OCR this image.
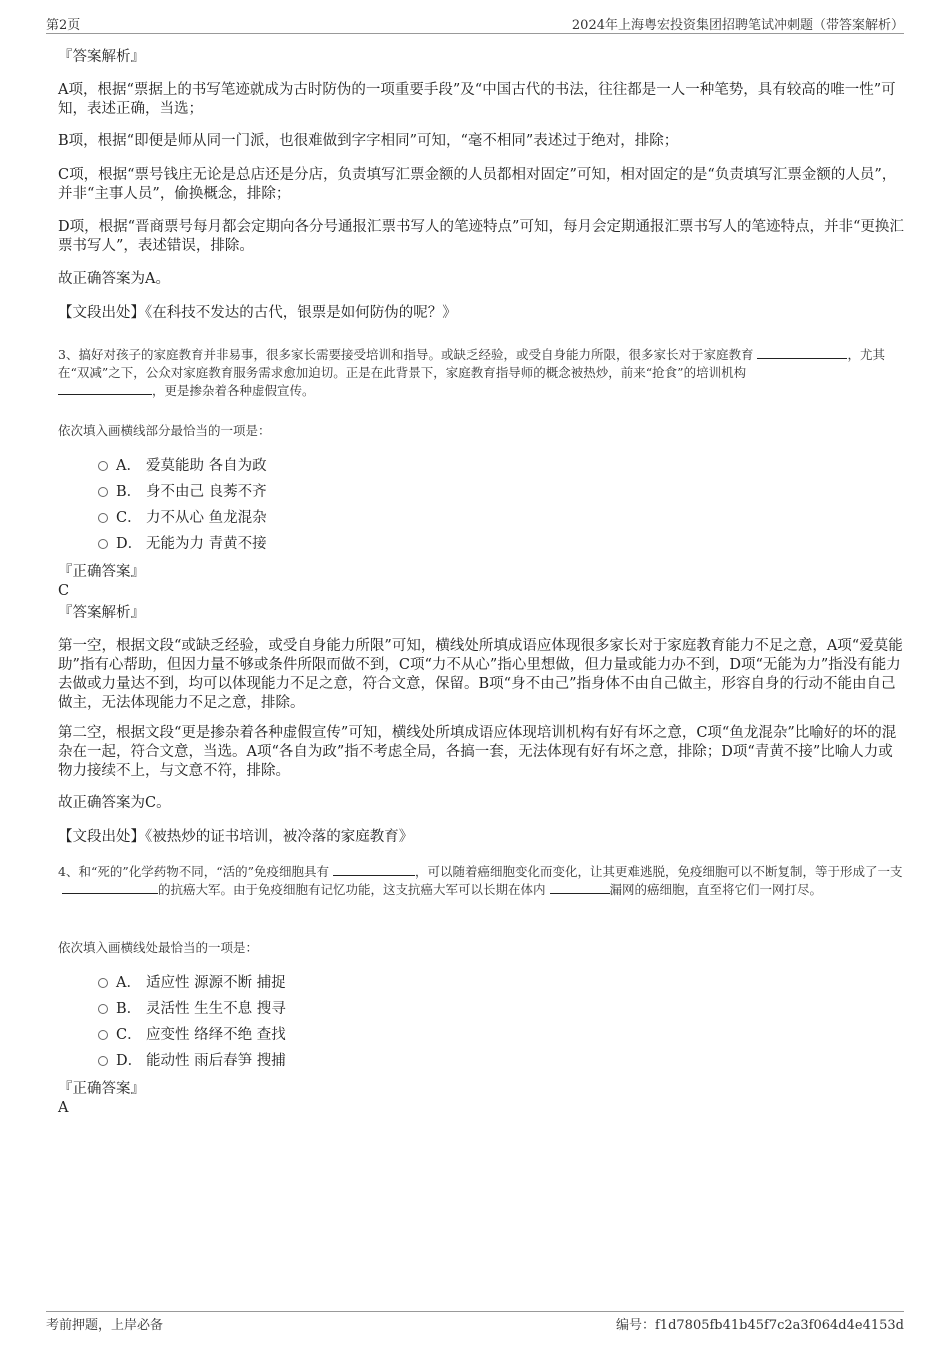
第2页	2024年上海粤宏投资集团招聘笔试冲刺题（带答案解析）
『答案解析』
A项，根据“票据上的书写笔迹就成为古时防伪的一项重要手段”及“中国古代的书法，往往都是一人一种笔势，具有较高的唯一性”可知，表述正确，当选；
B项，根据“即便是师从同一门派，也很难做到字字相同”可知，“毫不相同”表述过于绝对，排除；
C项，根据“票号钱庄无论是总店还是分店，负责填写汇票金额的人员都相对固定”可知，相对固定的是“负责填写汇票金额的人员”，并非“主事人员”，偷换概念，排除；
D项，根据“晋商票号每月都会定期向各分号通报汇票书写人的笔迹特点”可知，每月会定期通报汇票书写人的笔迹特点，并非“更换汇票书写人”，表述错误，排除。
故正确答案为A。
【文段出处】《在科技不发达的古代，银票是如何防伪的呢？》
3、搞好对孩子的家庭教育并非易事，很多家长需要接受培训和指导。或缺乏经验，或受自身能力所限，很多家长对于家庭教育	，尤其在“双减”之下，公众对家庭教育服务需求愈加迫切。正是在此背景下，家庭教育指导师的概念被热炒，前来“抢食”的培训机构
，更是掺杂着各种虚假宣传。
依次填入画横线部分最恰当的一项是：
A． 爱莫能助 各自为政
B． 身不由己 良莠不齐
C． 力不从心 鱼龙混杂
D． 无能为力 青黄不接
『正确答案』
C
『答案解析』
第一空，根据文段“或缺乏经验，或受自身能力所限”可知，横线处所填成语应体现很多家长对于家庭教育能力不足之意，A项“爱莫能助”指有心帮助，但因力量不够或条件所限而做不到，C项“力不从心”指心里想做，但力量或能力办不到，D项“无能为力”指没有能力去做或力量达不到，均可以体现能力不足之意，符合文意，保留。B项“身不由己”指身体不由自己做主，形容自身的行动不能由自己做主，无法体现能力不足之意，排除。
第二空，根据文段“更是掺杂着各种虚假宣传”可知，横线处所填成语应体现培训机构有好有坏之意，C项“鱼龙混杂”比喻好的坏的混杂在一起，符合文意，当选。A项“各自为政”指不考虑全局，各搞一套，无法体现有好有坏之意，排除；D项“青黄不接”比喻人力或物力接续不上，与文意不符，排除。
故正确答案为C。
【文段出处】《被热炒的证书培训，被冷落的家庭教育》
4、和“死的”化学药物不同，“活的”免疫细胞具有	，可以随着癌细胞变化而变化，让其更难逃脱，免疫细胞可以不断复制，等于形成了一支的抗癌大军。由于免疫细胞有记忆功能，这支抗癌大军可以长期在体内	漏网的癌细胞，直至将它们一网打尽。
依次填入画横线处最恰当的一项是：
A． 适应性 源源不断 捕捉
B． 灵活性 生生不息 搜寻
C． 应变性 络绎不绝 查找
D． 能动性 雨后春笋 搜捕
『正确答案』
A
考前押题，上岸必备	编号：f1d7805fb41b45f7c2a3f064d4e4153d
